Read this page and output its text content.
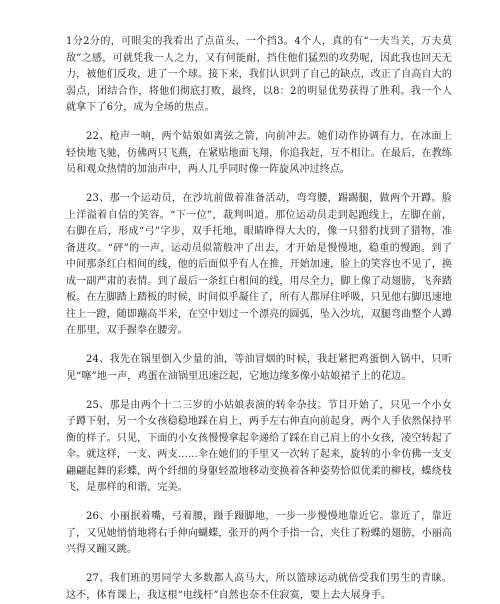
1分2分的，可眼尖的我看出了点苗头，一个挡3。4个人，真的有“一夫当关，万夫莫敌”之感，可就凭我一人之力，又有何能耐，挡住他们猛烈的攻势呢，因此我也回天无力，被他们反攻，进了一个球。接下来，我们认识到了自己的缺点，改正了自高自大的弱点，团结合作，将他们彻底打败，最终，以8：2的明显优势获得了胜利。我一个人就拿下了6分，成为全场的焦点。

22、枪声一响，两个姑娘如离弦之箭，向前冲去。她们动作协调有力，在冰面上轻快地飞驰，仿佛两只飞燕，在紧贴地面飞翔，你追我赶，互不相让。在最后，在教练员和观众热情的加油声中，两人几乎同时像一阵旋风冲过终点。

23、那一个运动员，在沙坑前做着准备活动，弯弯腰，踢踢腿，做两个开蹲。脸上洋溢着自信的笑容。“下一位”，裁判叫道。那位运动员走到起跑线上，左脚在前，右脚在后，形成“弓”字步，双手托地，眼睛睁得大大的，像一只猎豹找到了猎物，准备进攻。“砰”的一声，运动员似箭般冲了出去，才开始是慢慢地，稳重的慢跑。到了中间那条红白相间的线，他的后面似乎有人在推，开始加速，脸上的笑容也不见了，换成一副严肃的表情。到了最后一条红白相间的线，用尽全力，脚上像了动翅膀，飞奔踏板。在左脚踏上踏板的时候，时间似乎凝住了，所有人都屏住呼吸，只见他右脚迅速地往上一蹬，随即蹦高半米，在空中划过一个漂亮的圆弧，坠入沙坑，双腿弯曲整个人蹲在那里，双手握拳在腰旁。

24、我先在锅里倒入少量的油，等油冒烟的时候，我赶紧把鸡蛋倒入锅中，只听见“噻”地一声，鸡蛋在油锅里迅速泛起，它地边缘多像小姑娘裙子上的花边。

25、那是由两个十二三岁的小姑娘表演的转伞杂技。节目开始了，只见一个小女子蹲下射，另一个女孩稳稳地踩在肩上，两手左右伸直向前起身，两个人手依然保持平衡的样子。只见，下面的小女孩慢慢拿起伞递给了踩在自己肩上的小女孩，凌空转起了伞。就这样，一支、两支……伞在她们的手里又一次转了起来，旋转的小伞仿佛一支支翩翩起舞的彩蝶，两个纤细的身躯轻盈地移动变换着各种姿势恰似优柔的柳枝，蝶绕枝飞，是那样的和谐，完美。

26、小丽抿着嘴，弓着腰，蹑手蹑脚地，一步一步慢慢地靠近它。靠近了，靠近了，又见她悄悄地将右手伸向蝴蝶，张开的两个手指一合，夹住了粉蝶的翅膀，小丽高兴得又蹦又跳。

27、我们班的男同学大多数都人高马大，所以篮球运动就倍受我们男生的青睐。这不，体育课上，我这根“电线杆”自然也奈不住寂寞，要上去大展身手。
